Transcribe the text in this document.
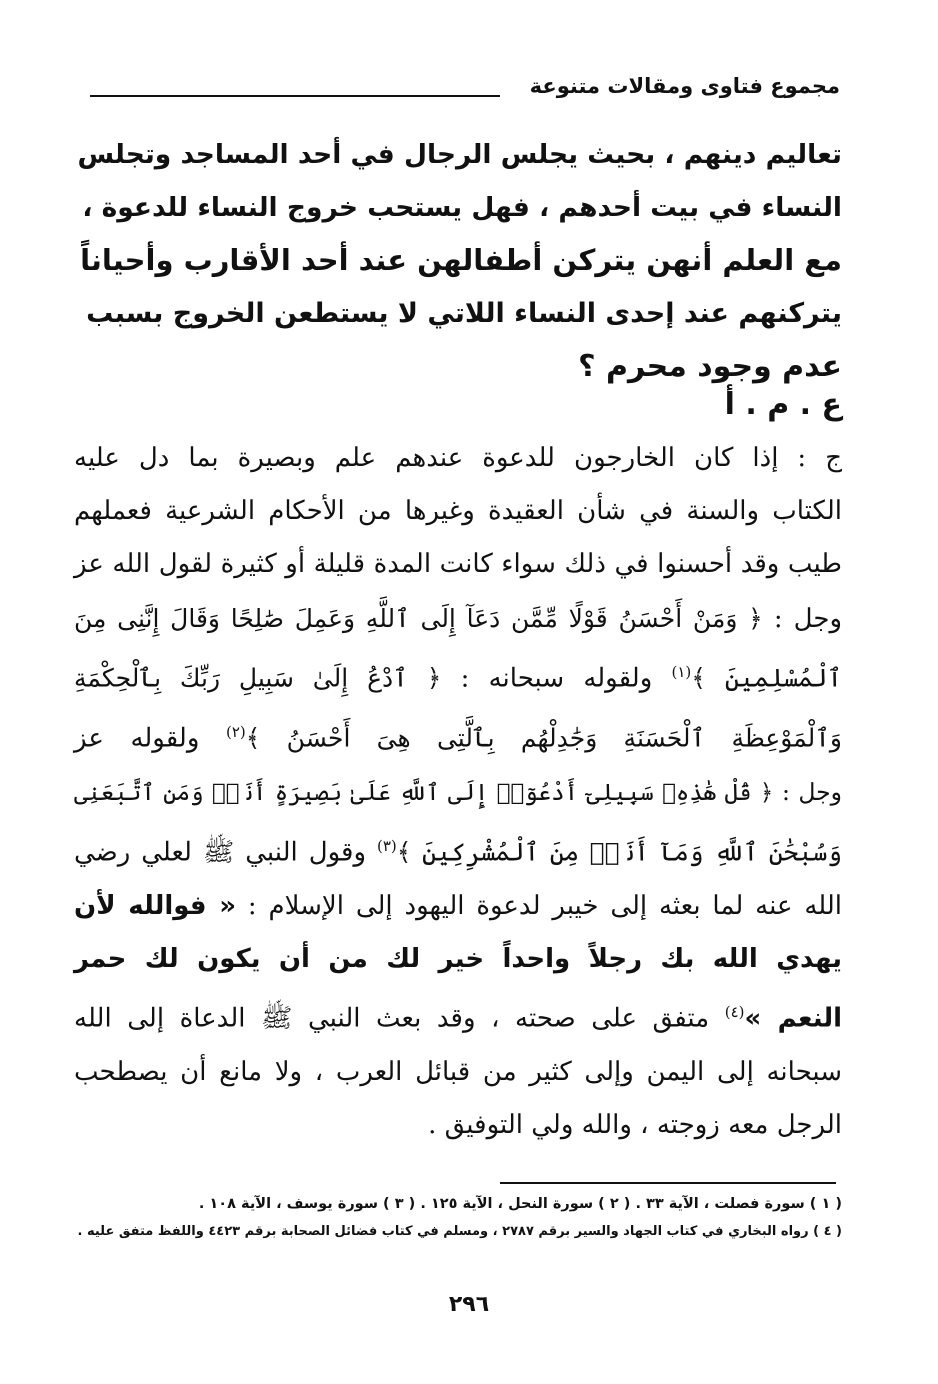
مجموع فتاوى ومقالات متنوعة
تعاليم دينهم ، بحيث يجلس الرجال في أحد المساجد وتجلس
النساء في بيت أحدهم ، فهل يستحب خروج النساء للدعوة ،
مع العلم أنهن يتركن أطفالهن عند أحد الأقارب وأحياناً
يتركنهم عند إحدى النساء اللاتي لا يستطعن الخروج بسبب
عدم وجود محرم ؟
ع . م . أ
ج : إذا كان الخارجون للدعوة عندهم علم وبصيرة بما دل عليه
الكتاب والسنة في شأن العقيدة وغيرها من الأحكام الشرعية فعملهم
طيب وقد أحسنوا في ذلك سواء كانت المدة قليلة أو كثيرة لقول الله عز
وجل : ﴿ وَمَنْ أَحْسَنُ قَوْلًا مِّمَّن دَعَآ إِلَى ٱللَّهِ وَعَمِلَ صَٰلِحًا وَقَالَ إِنَّنِى مِنَ
ٱلْمُسْلِمِينَ ﴾$^{(١)}$ ولقوله سبحانه : ﴿ ٱدْعُ إِلَىٰ سَبِيلِ رَبِّكَ بِٱلْحِكْمَةِ
وَٱلْمَوْعِظَةِ ٱلْحَسَنَةِ وَجَٰدِلْهُم بِٱلَّتِى هِىَ أَحْسَنُ ﴾$^{(٢)}$ ولقوله عز
وجل : ﴿ قُلْ هَٰذِهِۦ سَبِيلِىٓ أَدْعُوٓا۟ إِلَى ٱللَّهِ عَلَىٰ بَصِيرَةٍ أَنَا۠ وَمَنِ ٱتَّبَعَنِى
وَسُبْحَٰنَ ٱللَّهِ وَمَآ أَنَا۠ مِنَ ٱلْمُشْرِكِينَ ﴾$^{(٣)}$ وقول النبي ﷺ لعلي رضي
الله عنه لما بعثه إلى خيبر لدعوة اليهود إلى الإسلام : « فوالله لأن
يهدي الله بك رجلاً واحداً خير لك من أن يكون لك حمر
النعم »$^{(٤)}$ متفق على صحته ، وقد بعث النبي ﷺ الدعاة إلى الله
سبحانه إلى اليمن وإلى كثير من قبائل العرب ، ولا مانع أن يصطحب
الرجل معه زوجته ، والله ولي التوفيق .
( ١ ) سورة فصلت ، الآية ٣٣ . ( ٢ ) سورة النحل ، الآية ١٢٥ . ( ٣ ) سورة يوسف ، الآية ١٠٨ .
( ٤ ) رواه البخاري في كتاب الجهاد والسير برقم ٢٧٨٧ ، ومسلم في كتاب فضائل الصحابة برقم ٤٤٢٣ واللفظ متفق عليه .
٢٩٦
